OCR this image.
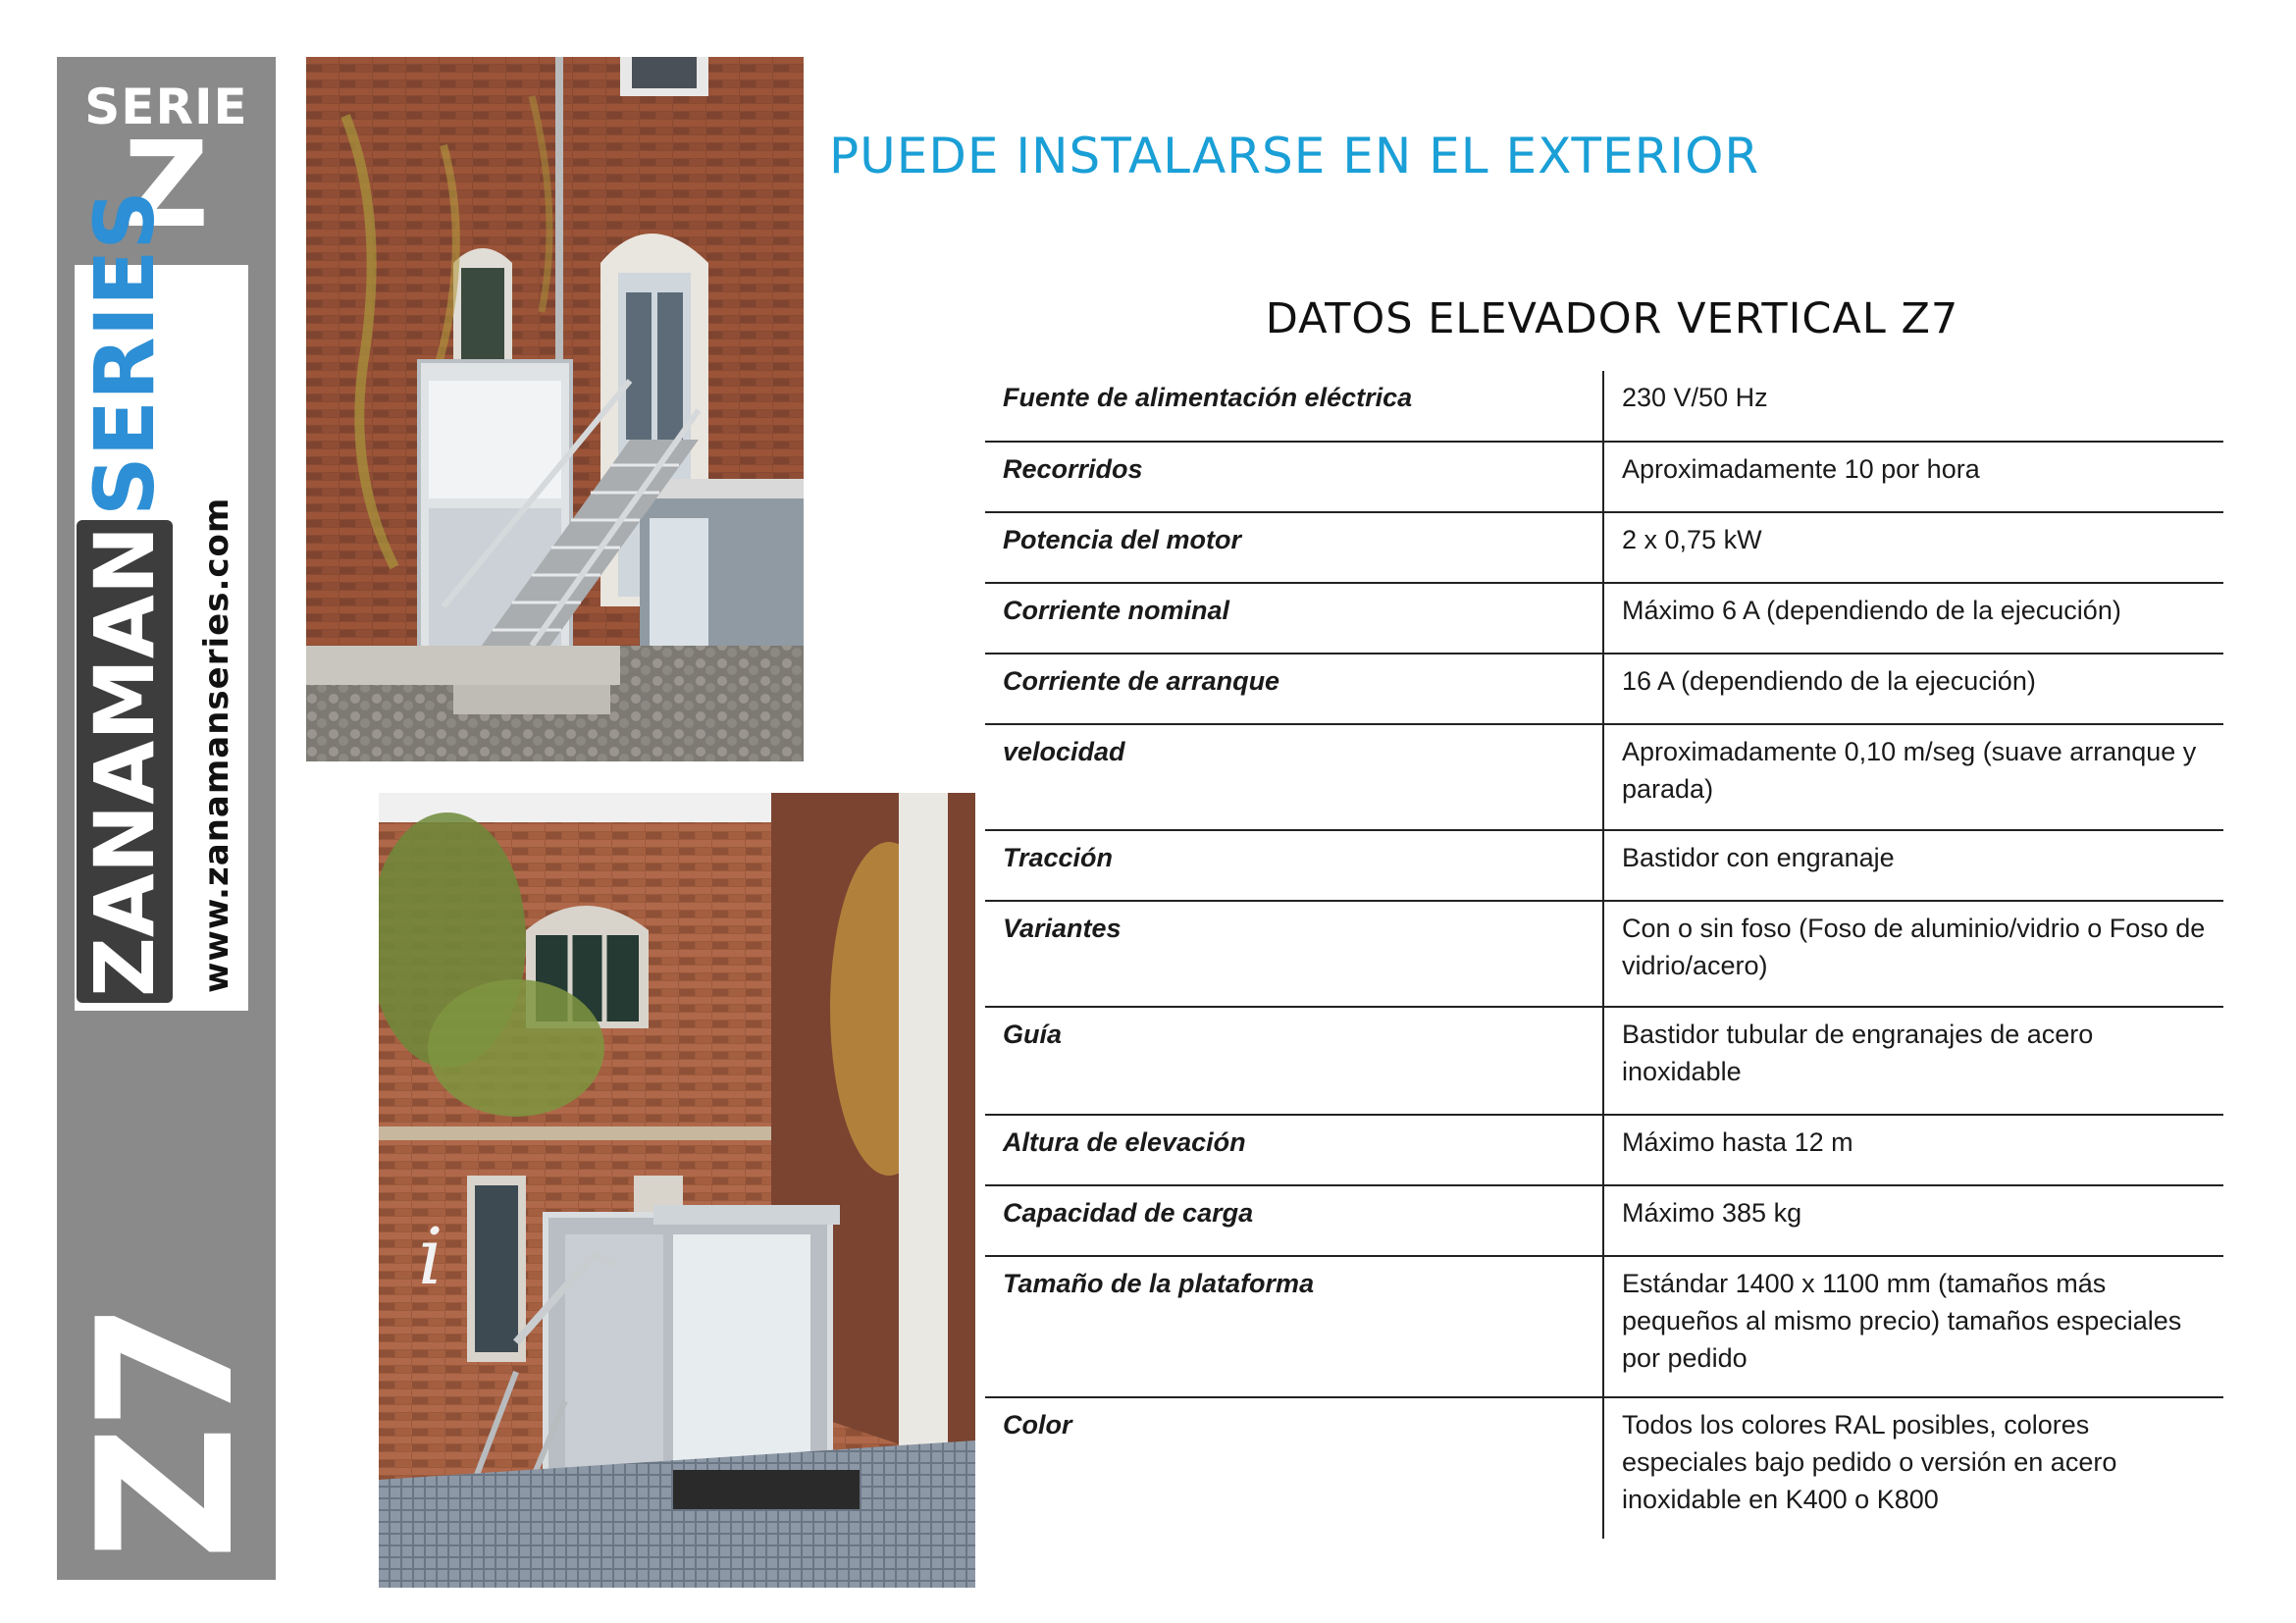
SERIE
Z
ZANAMANSERIES
www.zanamanseries.com
Z7
i
PUEDE INSTALARSE EN EL EXTERIOR
DATOS ELEVADOR VERTICAL Z7
Fuente de alimentación eléctrica	230 V/50 Hz
Recorridos	Aproximadamente 10 por hora
Potencia del motor	2 x 0,75 kW
Corriente nominal	Máximo 6 A (dependiendo de la ejecución)
Corriente de arranque	16 A (dependiendo de la ejecución)
velocidad	Aproximadamente 0,10 m/seg (suave arranque y parada)
Tracción	Bastidor con engranaje
Variantes	Con o sin foso (Foso de aluminio/vidrio o Foso de vidrio/acero)
Guía	Bastidor tubular de engranajes de acero inoxidable
Altura de elevación	Máximo hasta 12 m
Capacidad de carga	Máximo 385 kg
Tamaño de la plataforma	Estándar 1400 x 1100 mm (tamaños más pequeños al mismo precio) tamaños especiales por pedido
Color	Todos los colores RAL posibles, colores especiales bajo pedido o versión en acero inoxidable en K400 o K800
